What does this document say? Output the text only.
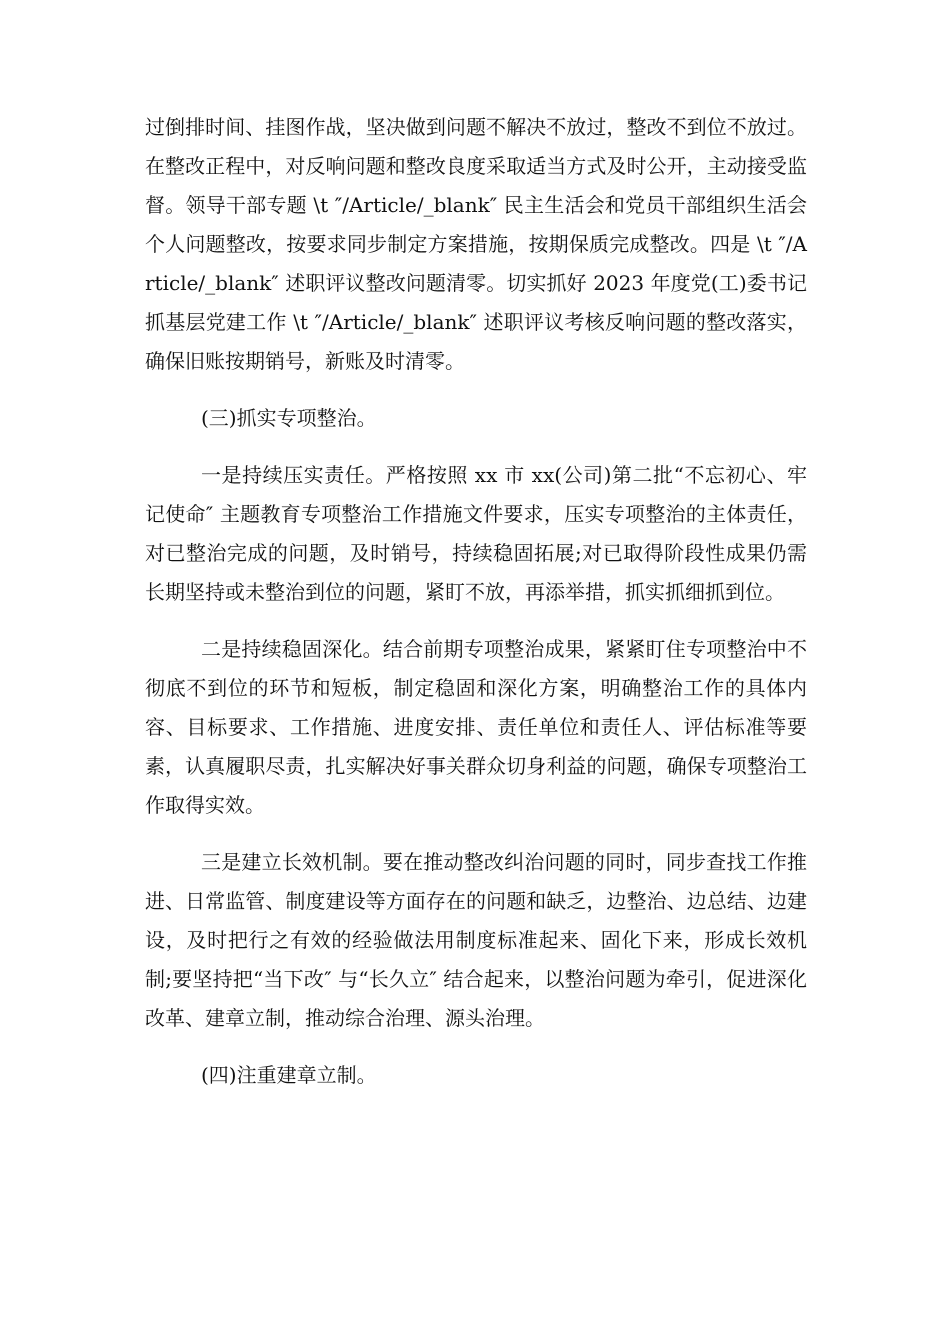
过倒排时间、挂图作战，坚决做到问题不解决不放过，整改不到位不放过。在整改正程中，对反响问题和整改良度采取适当方式及时公开，主动接受监督。领导干部专题 \t ″/Article/_blank″ 民主生活会和党员干部组织生活会个人问题整改，按要求同步制定方案措施，按期保质完成整改。四是 \t ″/Article/_blank″ 述职评议整改问题清零。切实抓好 2023 年度党(工)委书记抓基层党建工作 \t ″/Article/_blank″ 述职评议考核反响问题的整改落实，确保旧账按期销号，新账及时清零。

(三)抓实专项整治。

一是持续压实责任。严格按照 xx 市 xx(公司)第二批“不忘初心、牢记使命″ 主题教育专项整治工作措施文件要求，压实专项整治的主体责任，对已整治完成的问题，及时销号，持续稳固拓展;对已取得阶段性成果仍需长期坚持或未整治到位的问题，紧盯不放，再添举措，抓实抓细抓到位。

二是持续稳固深化。结合前期专项整治成果，紧紧盯住专项整治中不彻底不到位的环节和短板，制定稳固和深化方案，明确整治工作的具体内容、目标要求、工作措施、进度安排、责任单位和责任人、评估标准等要素，认真履职尽责，扎实解决好事关群众切身利益的问题，确保专项整治工作取得实效。

三是建立长效机制。要在推动整改纠治问题的同时，同步查找工作推进、日常监管、制度建设等方面存在的问题和缺乏，边整治、边总结、边建设，及时把行之有效的经验做法用制度标准起来、固化下来，形成长效机制;要坚持把“当下改″ 与“长久立″ 结合起来，以整治问题为牵引，促进深化改革、建章立制，推动综合治理、源头治理。

(四)注重建章立制。
